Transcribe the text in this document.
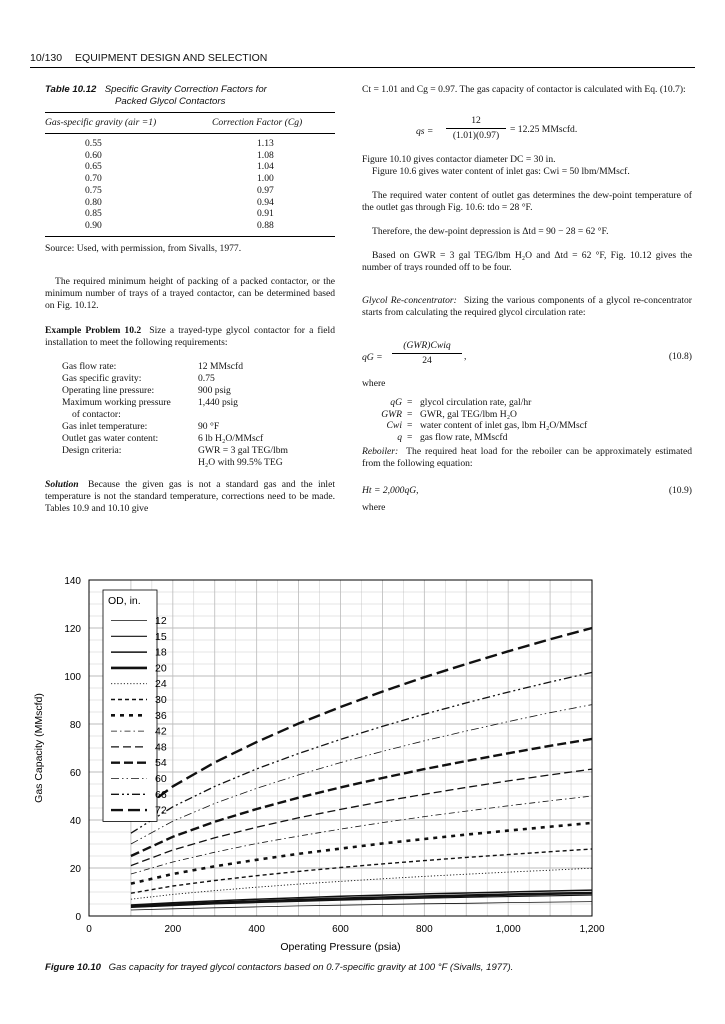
10/130 EQUIPMENT DESIGN AND SELECTION
Table 10.12 Specific Gravity Correction Factors for
Packed Glycol Contactors
Gas-specific gravity (air =1)	Correction Factor (Cg)
0.55	1.13
0.60	1.08
0.65	1.04
0.70	1.00
0.75	0.97
0.80	0.94
0.85	0.91
0.90	0.88
Source: Used, with permission, from Sivalls, 1977.
The required minimum height of packing of a packed contactor, or the minimum number of trays of a trayed contactor, can be determined based on Fig. 10.12.
Example Problem 10.2 Size a trayed-type glycol contactor for a field installation to meet the following requirements:
Gas flow rate:	12 MMscfd
Gas specific gravity:	0.75
Operating line pressure:	900 psig
Maximum working pressure	1,440 psig
of contactor:
Gas inlet temperature:	90 °F
Outlet gas water content:	6 lb H₂O/MMscf
Design criteria:	GWR = 3 gal TEG/lbm
H₂O with 99.5% TEG
Solution Because the given gas is not a standard gas and the inlet temperature is not the standard temperature, corrections need to be made. Tables 10.9 and 10.10 give
Ct = 1.01 and Cg = 0.97. The gas capacity of contactor is calculated with Eq. (10.7):
qs =
12
(1.01)(0.97)
= 12.25 MMscfd.
Figure 10.10 gives contactor diameter DC = 30 in.
Figure 10.6 gives water content of inlet gas: Cwi = 50 lbm/MMscf.
The required water content of outlet gas determines the dew-point temperature of the outlet gas through Fig. 10.6: tdo = 28 °F.
Therefore, the dew-point depression is Δtd = 90 − 28 = 62 °F.
Based on GWR = 3 gal TEG/lbm H₂O and Δtd = 62 °F, Fig. 10.12 gives the number of trays rounded off to be four.
Glycol Re-concentrator: Sizing the various components of a glycol re-concentrator starts from calculating the required glycol circulation rate:
qG =
(GWR)Cwiq
24	,	(10.8)
where
qG = glycol circulation rate, gal/hr
GWR = GWR, gal TEG/lbm H₂O
Cwi = water content of inlet gas, lbm H₂O/MMscf
q = gas flow rate, MMscfd
Reboiler: The required heat load for the reboiler can be approximately estimated from the following equation:
Ht = 2,000qG,	(10.9)
where
0	200	400	600	800	1,000	1,200
0
20
40
60
80
100
120
140
Operating Pressure (psia)
Gas Capacity (MMscfd)
OD, in.
12
15
18
20
24
30
36
42
48
54
60
66
72
Figure 10.10 Gas capacity for trayed glycol contactors based on 0.7-specific gravity at 100 °F (Sivalls, 1977).
